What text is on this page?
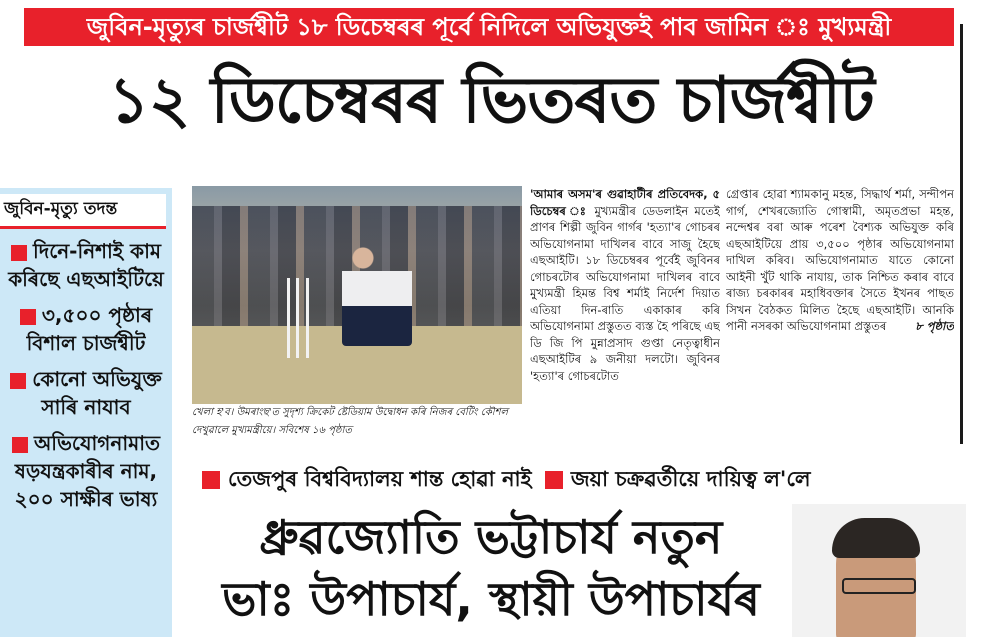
জুবিন-মৃত্যুৰ চাৰ্জশ্বীট ১৮ ডিচেম্বৰৰ পূৰ্বে নিদিলে অভিযুক্তই পাব জামিন ঃ মুখ্যমন্ত্ৰী
১২ ডিচেম্বৰৰ ভিতৰত চাৰ্জশ্বীট
জুবিন-মৃত্যু তদন্ত
দিনে-নিশাই কাম কৰিছে এছআইটিয়ে
৩,৫০০ পৃষ্ঠাৰ বিশাল চাৰ্জশ্বীট
কোনো অভিযুক্ত সাৰি নাযাব
অভিযোগনামাত ষড়যন্ত্ৰকাৰীৰ নাম, ২০০ সাক্ষীৰ ভাষ্য
খেলা হ'ব। উমৰাংছ'ত সুদৃশ্য ক্ৰিকেট ষ্টেডিয়াম উদ্বোধন কৰি নিজৰ বেটিং কৌশল দেখুৱালে মুখ্যমন্ত্ৰীয়ে। সবিশেষ ১৬ পৃষ্ঠাত
'আমাৰ অসম'ৰ গুৱাহাটীৰ প্ৰতিবেদক, ৫ ডিচেম্বৰ ঃ মুখ্যমন্ত্ৰীৰ ডেডলাইন মতেই প্ৰাণৰ শিল্পী জুবিন গাৰ্গৰ 'হত্যা'ৰ গোচৰৰ অভিযোগনামা দাখিলৰ বাবে সাজু হৈছে এছআইটি। ১৮ ডিচেম্বৰৰ পূৰ্বেই জুবিনৰ গোচৰটোৰ অভিযোগনামা দাখিলৰ বাবে মুখ্যমন্ত্ৰী হিমন্ত বিশ্ব শৰ্মাই নিৰ্দেশ দিয়াত এতিয়া দিন-ৰাতি একাকাৰ কৰি অভিযোগনামা প্ৰস্তুতত ব্যস্ত হৈ পৰিছে এছ ডি জি পি মুন্নাপ্ৰসাদ গুপ্তা নেতৃত্বাধীন এছআইটিৰ ৯ জনীয়া দলটো। জুবিনৰ 'হত্যা'ৰ গোচৰটোত
গ্ৰেপ্তাৰ হোৱা শ্যামকানু মহন্ত, সিদ্ধাৰ্থ শৰ্মা, সন্দীপন গাৰ্গ, শেখৰজ্যোতি গোস্বামী, অমৃতপ্ৰভা মহন্ত, নন্দেশ্বৰ বৰা আৰু পৰেশ বৈশ্যক অভিযুক্ত কৰি এছআইটিয়ে প্ৰায় ৩,৫০০ পৃষ্ঠাৰ অভিযোগনামা দাখিল কৰিব। অভিযোগনামাত যাতে কোনো আইনী খুঁট থাকি নাযায়, তাক নিশ্চিত কৰাৰ বাবে ৰাজ্য চৰকাৰৰ মহাধিবক্তাৰ সৈতে ইখনৰ পাছত সিখন বৈঠকত মিলিত হৈছে এছআইটি। আনকি পানী নসৰকা অভিযোগনামা প্ৰস্তুতৰ	৮ পৃষ্ঠাত
তেজপুৰ বিশ্ববিদ্যালয় শান্ত হোৱা নাই জয়া চক্ৰৱৰ্তীয়ে দায়িত্ব ল'লে
ধ্ৰুৱজ্যোতি ভট্টাচাৰ্য নতুন
ভাঃ উপাচাৰ্য, স্থায়ী উপাচাৰ্যৰ
